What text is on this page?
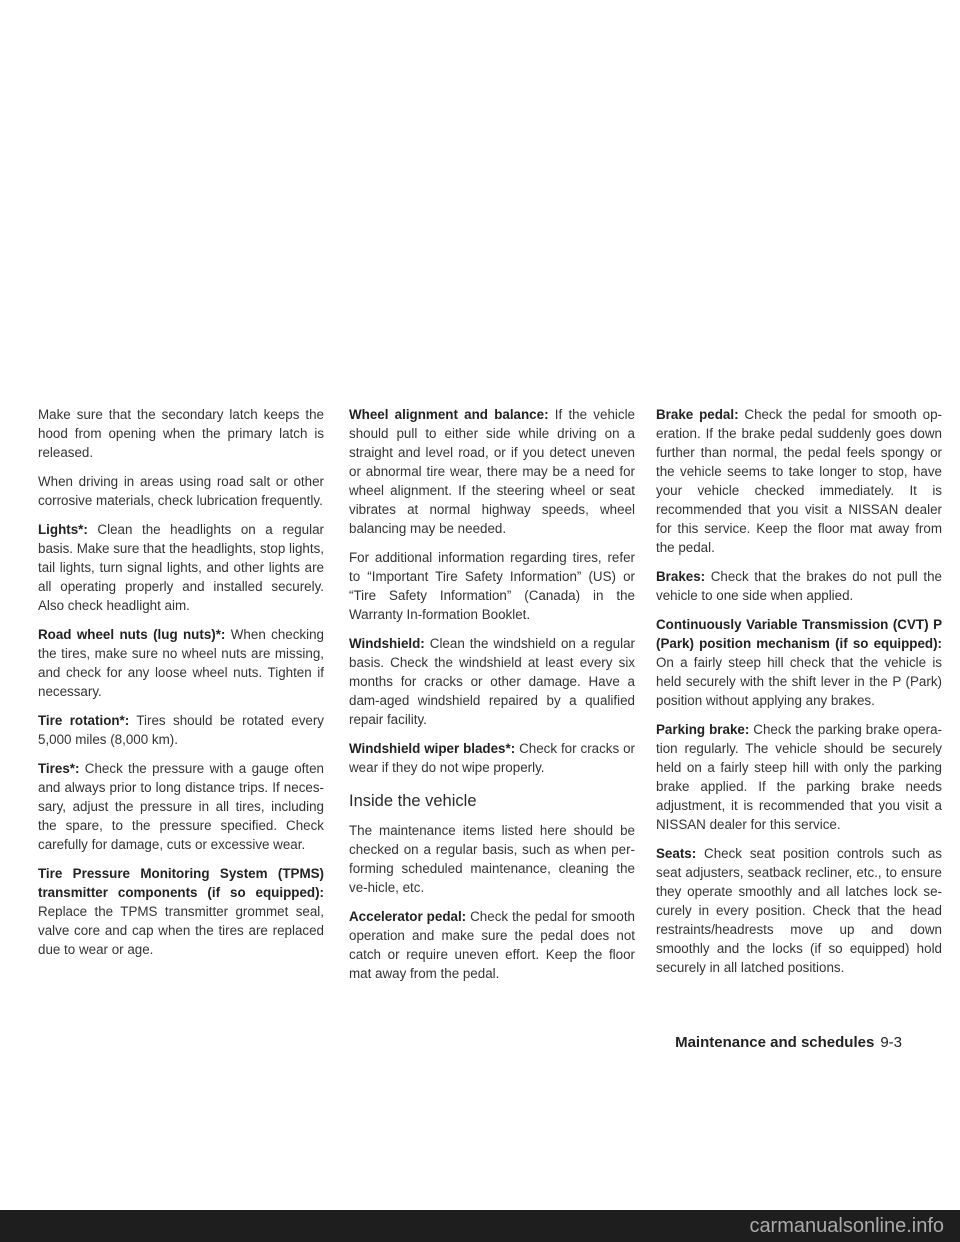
Make sure that the secondary latch keeps the hood from opening when the primary latch is released.

When driving in areas using road salt or other corrosive materials, check lubrication frequently.

Lights*: Clean the headlights on a regular basis. Make sure that the headlights, stop lights, tail lights, turn signal lights, and other lights are all operating properly and installed securely. Also check headlight aim.

Road wheel nuts (lug nuts)*: When checking the tires, make sure no wheel nuts are missing, and check for any loose wheel nuts. Tighten if necessary.

Tire rotation*: Tires should be rotated every 5,000 miles (8,000 km).

Tires*: Check the pressure with a gauge often and always prior to long distance trips. If neces-sary, adjust the pressure in all tires, including the spare, to the pressure specified. Check carefully for damage, cuts or excessive wear.

Tire Pressure Monitoring System (TPMS) transmitter components (if so equipped): Replace the TPMS transmitter grommet seal, valve core and cap when the tires are replaced due to wear or age.

Wheel alignment and balance: If the vehicle should pull to either side while driving on a straight and level road, or if you detect uneven or abnormal tire wear, there may be a need for wheel alignment. If the steering wheel or seat vibrates at normal highway speeds, wheel balancing may be needed.

For additional information regarding tires, refer to “Important Tire Safety Information” (US) or “Tire Safety Information” (Canada) in the Warranty In-formation Booklet.

Windshield: Clean the windshield on a regular basis. Check the windshield at least every six months for cracks or other damage. Have a dam-aged windshield repaired by a qualified repair facility.

Windshield wiper blades*: Check for cracks or wear if they do not wipe properly.

Inside the vehicle

The maintenance items listed here should be checked on a regular basis, such as when per-forming scheduled maintenance, cleaning the ve-hicle, etc.

Accelerator pedal: Check the pedal for smooth operation and make sure the pedal does not catch or require uneven effort. Keep the floor mat away from the pedal.

Brake pedal: Check the pedal for smooth op-eration. If the brake pedal suddenly goes down further than normal, the pedal feels spongy or the vehicle seems to take longer to stop, have your vehicle checked immediately. It is recommended that you visit a NISSAN dealer for this service. Keep the floor mat away from the pedal.

Brakes: Check that the brakes do not pull the vehicle to one side when applied.

Continuously Variable Transmission (CVT) P (Park) position mechanism (if so equipped): On a fairly steep hill check that the vehicle is held securely with the shift lever in the P (Park) position without applying any brakes.

Parking brake: Check the parking brake opera-tion regularly. The vehicle should be securely held on a fairly steep hill with only the parking brake applied. If the parking brake needs adjustment, it is recommended that you visit a NISSAN dealer for this service.

Seats: Check seat position controls such as seat adjusters, seatback recliner, etc., to ensure they operate smoothly and all latches lock se-curely in every position. Check that the head restraints/headrests move up and down smoothly and the locks (if so equipped) hold securely in all latched positions.

Maintenance and schedules 9-3
carmanualsonline.info
